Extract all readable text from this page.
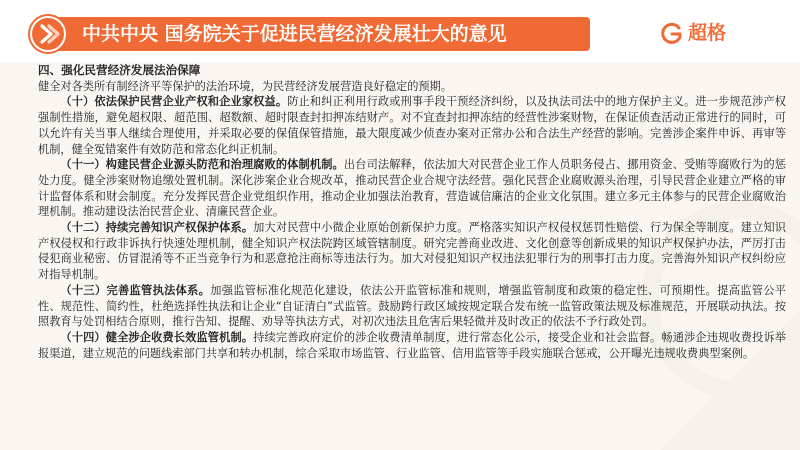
中共中央 国务院关于促进民营经济发展壮大的意见	超格

四、强化民营经济发展法治保障

健全对各类所有制经济平等保护的法治环境，为民营经济发展营造良好稳定的预期。

（十）依法保护民营企业产权和企业家权益。防止和纠正利用行政或刑事手段干预经济纠纷，以及执法司法中的地方保护主义。进一步规范涉产权强制性措施，避免超权限、超范围、超数额、超时限查封扣押冻结财产。对不宜查封扣押冻结的经营性涉案财物，在保证侦查活动正常进行的同时，可以允许有关当事人继续合理使用，并采取必要的保值保管措施，最大限度减少侦查办案对正常办公和合法生产经营的影响。完善涉企案件申诉、再审等机制，健全冤错案件有效防范和常态化纠正机制。

（十一）构建民营企业源头防范和治理腐败的体制机制。出台司法解释，依法加大对民营企业工作人员职务侵占、挪用资金、受贿等腐败行为的惩处力度。健全涉案财物追缴处置机制。深化涉案企业合规改革，推动民营企业合规守法经营。强化民营企业腐败源头治理，引导民营企业建立严格的审计监督体系和财会制度。充分发挥民营企业党组织作用，推动企业加强法治教育，营造诚信廉洁的企业文化氛围。建立多元主体参与的民营企业腐败治理机制。推动建设法治民营企业、清廉民营企业。

（十二）持续完善知识产权保护体系。加大对民营中小微企业原始创新保护力度。严格落实知识产权侵权惩罚性赔偿、行为保全等制度。建立知识产权侵权和行政非诉执行快速处理机制，健全知识产权法院跨区域管辖制度。研究完善商业改进、文化创意等创新成果的知识产权保护办法，严厉打击侵犯商业秘密、仿冒混淆等不正当竞争行为和恶意抢注商标等违法行为。加大对侵犯知识产权违法犯罪行为的刑事打击力度。完善海外知识产权纠纷应对指导机制。

（十三）完善监管执法体系。加强监管标准化规范化建设，依法公开监管标准和规则，增强监管制度和政策的稳定性、可预期性。提高监管公平性、规范性、简约性，杜绝选择性执法和让企业“自证清白”式监管。鼓励跨行政区域按规定联合发布统一监管政策法规及标准规范，开展联动执法。按照教育与处罚相结合原则，推行告知、提醒、劝导等执法方式，对初次违法且危害后果轻微并及时改正的依法不予行政处罚。

（十四）健全涉企收费长效监管机制。持续完善政府定价的涉企收费清单制度，进行常态化公示，接受企业和社会监督。畅通涉企违规收费投诉举报渠道，建立规范的问题线索部门共享和转办机制，综合采取市场监管、行业监管、信用监管等手段实施联合惩戒，公开曝光违规收费典型案例。
